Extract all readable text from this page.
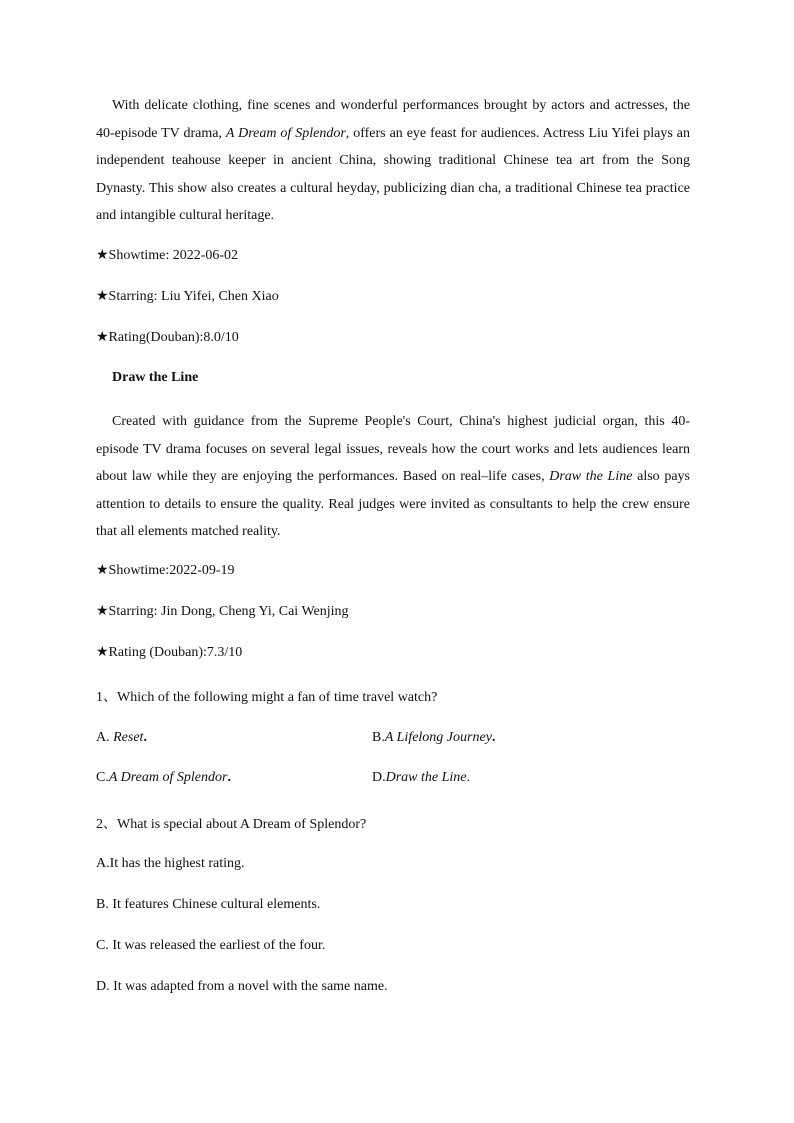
With delicate clothing, fine scenes and wonderful performances brought by actors and actresses, the 40-episode TV drama, A Dream of Splendor, offers an eye feast for audiences. Actress Liu Yifei plays an independent teahouse keeper in ancient China, showing traditional Chinese tea art from the Song Dynasty. This show also creates a cultural heyday, publicizing dian cha, a traditional Chinese tea practice and intangible cultural heritage.

★Showtime: 2022-06-02
★Starring: Liu Yifei, Chen Xiao
★Rating(Douban):8.0/10
Draw the Line

Created with guidance from the Supreme People's Court, China's highest judicial organ, this 40-episode TV drama focuses on several legal issues, reveals how the court works and lets audiences learn about law while they are enjoying the performances. Based on real–life cases, Draw the Line also pays attention to details to ensure the quality. Real judges were invited as consultants to help the crew ensure that all elements matched reality.

★Showtime:2022-09-19
★Starring: Jin Dong, Cheng Yi, Cai Wenjing
★Rating (Douban):7.3/10
1、Which of the following might a fan of time travel watch?
A. Reset.	B.A Lifelong Journey.
C.A Dream of Splendor.	D.Draw the Line.
2、What is special about A Dream of Splendor?
A.It has the highest rating.
B. It features Chinese cultural elements.
C. It was released the earliest of the four.
D. It was adapted from a novel with the same name.
